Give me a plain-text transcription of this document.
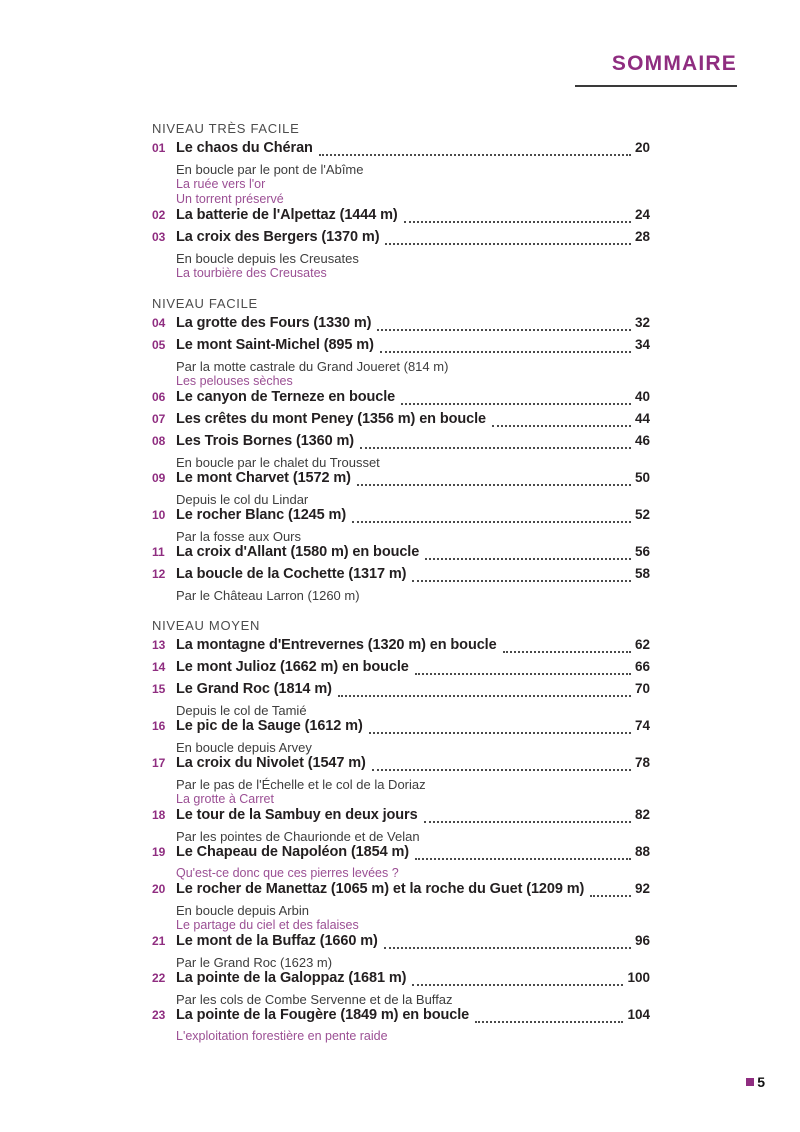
SOMMAIRE
NIVEAU TRÈS FACILE
01 Le chaos du Chéran	20
En boucle par le pont de l'Abîme
La ruée vers l'or
Un torrent préservé
02 La batterie de l'Alpettaz (1444 m)	24
03 La croix des Bergers (1370 m)	28
En boucle depuis les Creusates
La tourbière des Creusates
NIVEAU FACILE
04 La grotte des Fours (1330 m)	32
05 Le mont Saint-Michel (895 m)	34
Par la motte castrale du Grand Joueret (814 m)
Les pelouses sèches
06 Le canyon de Terneze en boucle	40
07 Les crêtes du mont Peney (1356 m) en boucle	44
08 Les Trois Bornes (1360 m)	46
En boucle par le chalet du Trousset
09 Le mont Charvet (1572 m)	50
Depuis le col du Lindar
10 Le rocher Blanc (1245 m)	52
Par la fosse aux Ours
11 La croix d'Allant (1580 m) en boucle	56
12 La boucle de la Cochette (1317 m)	58
Par le Château Larron (1260 m)
NIVEAU MOYEN
13 La montagne d'Entrevernes (1320 m) en boucle	62
14 Le mont Julioz (1662 m) en boucle	66
15 Le Grand Roc (1814 m)	70
Depuis le col de Tamié
16 Le pic de la Sauge (1612 m)	74
En boucle depuis Arvey
17 La croix du Nivolet (1547 m)	78
Par le pas de l'Échelle et le col de la Doriaz
La grotte à Carret
18 Le tour de la Sambuy en deux jours	82
Par les pointes de Chaurionde et de Velan
19 Le Chapeau de Napoléon (1854 m)	88
Qu'est-ce donc que ces pierres levées ?
20 Le rocher de Manettaz (1065 m) et la roche du Guet (1209 m)	92
En boucle depuis Arbin
Le partage du ciel et des falaises
21 Le mont de la Buffaz (1660 m)	96
Par le Grand Roc (1623 m)
22 La pointe de la Galoppaz (1681 m)	100
Par les cols de Combe Servenne et de la Buffaz
23 La pointe de la Fougère (1849 m) en boucle	104
L'exploitation forestière en pente raide
5
